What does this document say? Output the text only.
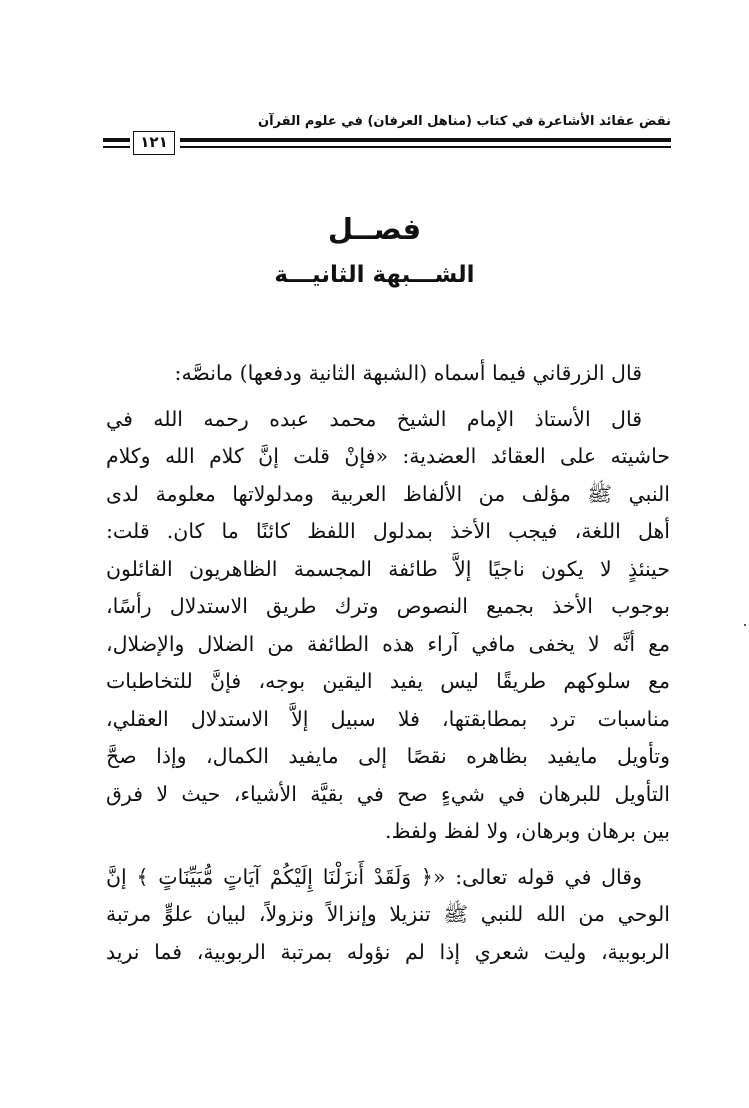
نقض عقائد الأشاعرة في كتاب (مناهل العرفان) في علوم القرآن
١٢١
فصــل
الشـــبهة الثانيـــة
قال الزرقاني فيما أسماه (الشبهة الثانية ودفعها) مانصَّه:
قال الأستاذ الإمام الشيخ محمد عبده رحمه الله في
حاشيته على العقائد العضدية: «فإنْ قلت إنَّ كلام الله وكلام
النبي ﷺ مؤلف من الألفاظ العربية ومدلولاتها معلومة لدى
أهل اللغة، فيجب الأخذ بمدلول اللفظ كائنًا ما كان. قلت:
حينئذٍ لا يكون ناجيًا إلاَّ طائفة المجسمة الظاهريون القائلون
بوجوب الأخذ بجميع النصوص وترك طريق الاستدلال رأسًا،
مع أنَّه لا يخفى مافي آراء هذه الطائفة من الضلال والإضلال،
مع سلوكهم طريقًا ليس يفيد اليقين بوجه، فإنَّ للتخاطبات
مناسبات ترد بمطابقتها، فلا سبيل إلاَّ الاستدلال العقلي،
وتأويل مايفيد بظاهره نقصًا إلى مايفيد الكمال، وإذا صحَّ
التأويل للبرهان في شيءٍ صح في بقيَّة الأشياء، حيث لا فرق
بين برهان وبرهان، ولا لفظ ولفظ.
وقال في قوله تعالى: «﴿ وَلَقَدْ أَنزَلْنَا إِلَيْكُمْ آيَاتٍ مُّبَيِّنَاتٍ ﴾ إنَّ
الوحي من الله للنبي ﷺ تنزيلا وإنزالاً ونزولاً، لبيان علوٍّ مرتبة
الربوبية، وليت شعري إذا لم نؤوله بمرتبة الربوبية، فما نريد
